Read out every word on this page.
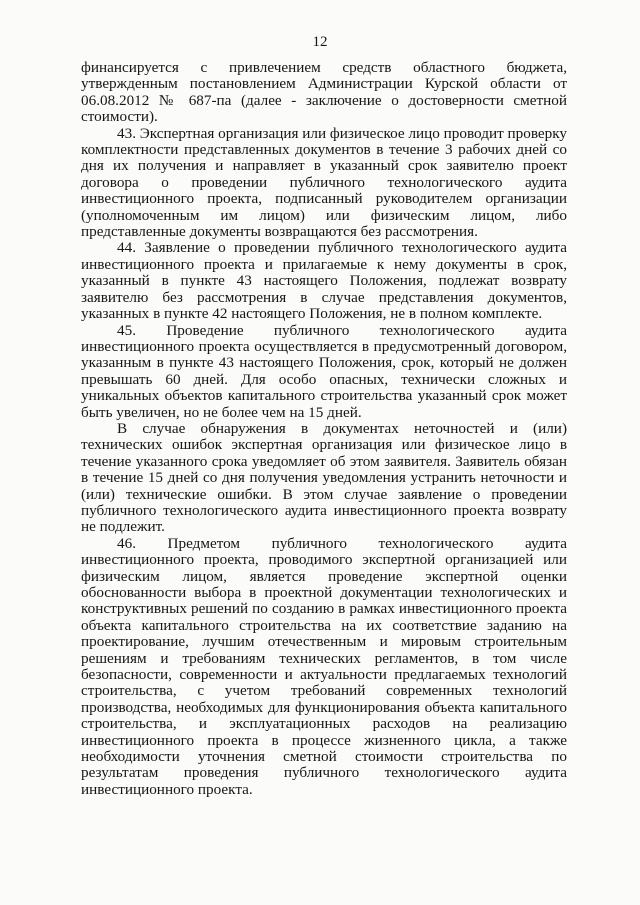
12

финансируется с привлечением средств областного бюджета, утвержденным постановлением Администрации Курской области от 06.08.2012 № 687-па (далее - заключение о достоверности сметной стоимости).

43. Экспертная организация или физическое лицо проводит проверку комплектности представленных документов в течение 3 рабочих дней со дня их получения и направляет в указанный срок заявителю проект договора о проведении публичного технологического аудита инвестиционного проекта, подписанный руководителем организации (уполномоченным им лицом) или физическим лицом, либо представленные документы возвращаются без рассмотрения.

44. Заявление о проведении публичного технологического аудита инвестиционного проекта и прилагаемые к нему документы в срок, указанный в пункте 43 настоящего Положения, подлежат возврату заявителю без рассмотрения в случае представления документов, указанных в пункте 42 настоящего Положения, не в полном комплекте.

45. Проведение публичного технологического аудита инвестиционного проекта осуществляется в предусмотренный договором, указанным в пункте 43 настоящего Положения, срок, который не должен превышать 60 дней. Для особо опасных, технически сложных и уникальных объектов капитального строительства указанный срок может быть увеличен, но не более чем на 15 дней.

В случае обнаружения в документах неточностей и (или) технических ошибок экспертная организация или физическое лицо в течение указанного срока уведомляет об этом заявителя. Заявитель обязан в течение 15 дней со дня получения уведомления устранить неточности и (или) технические ошибки. В этом случае заявление о проведении публичного технологического аудита инвестиционного проекта возврату не подлежит.

46. Предметом публичного технологического аудита инвестиционного проекта, проводимого экспертной организацией или физическим лицом, является проведение экспертной оценки обоснованности выбора в проектной документации технологических и конструктивных решений по созданию в рамках инвестиционного проекта объекта капитального строительства на их соответствие заданию на проектирование, лучшим отечественным и мировым строительным решениям и требованиям технических регламентов, в том числе безопасности, современности и актуальности предлагаемых технологий строительства, с учетом требований современных технологий производства, необходимых для функционирования объекта капитального строительства, и эксплуатационных расходов на реализацию инвестиционного проекта в процессе жизненного цикла, а также необходимости уточнения сметной стоимости строительства по результатам проведения публичного технологического аудита инвестиционного проекта.
